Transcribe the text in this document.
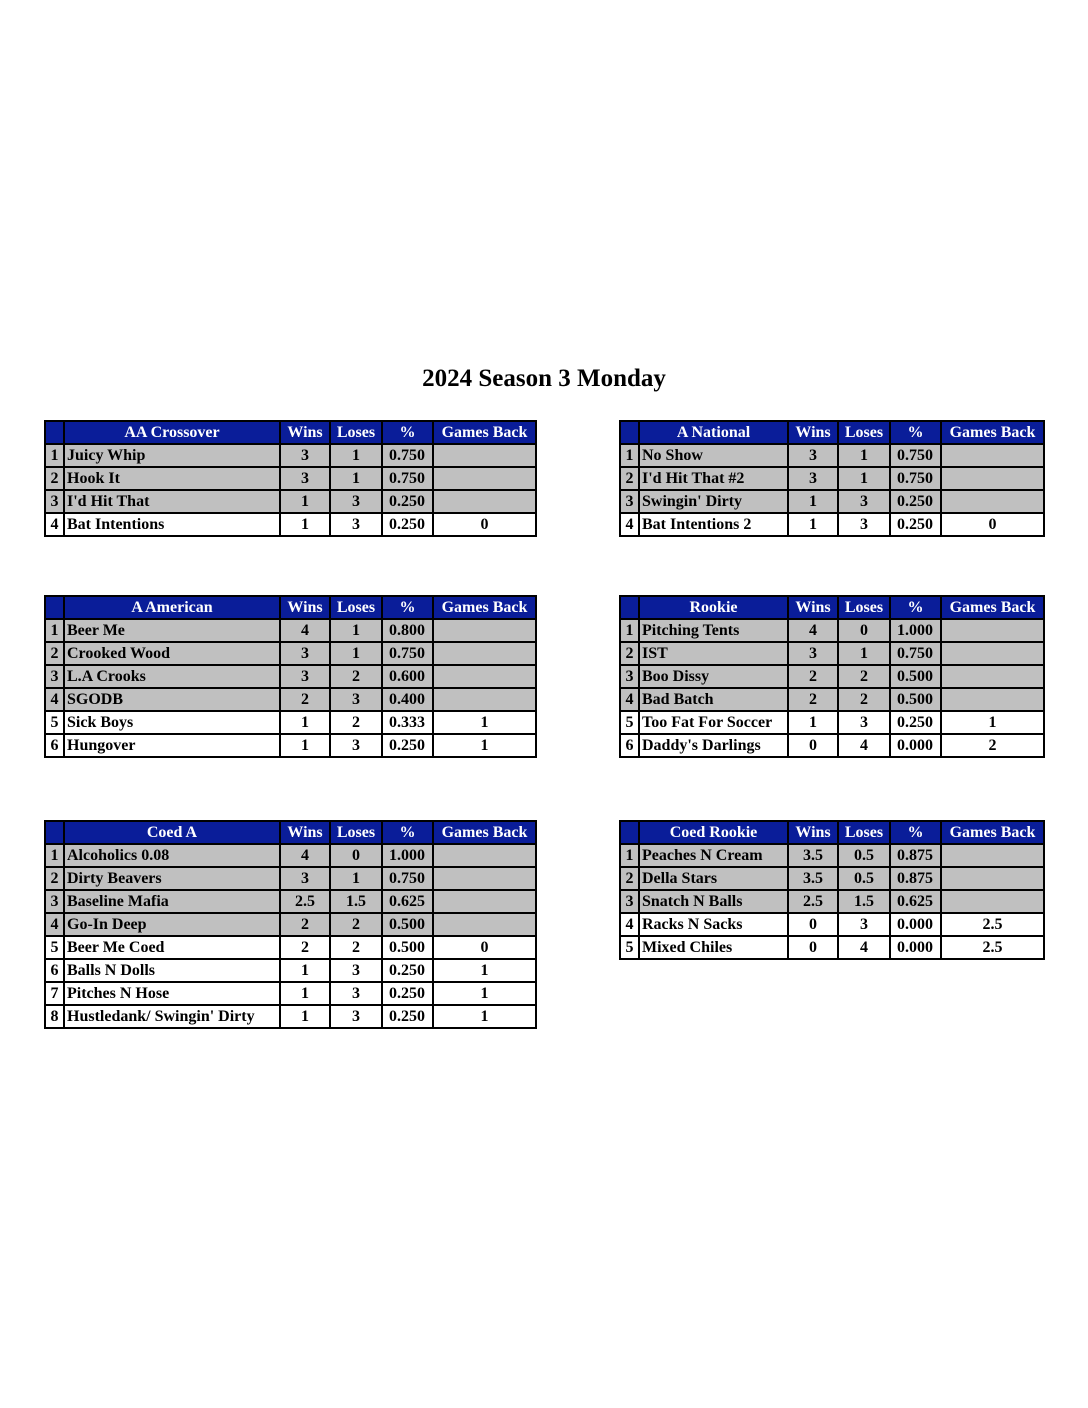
2024 Season 3 Monday
	AA Crossover	Wins	Loses	%	Games Back
1	Juicy Whip	3	1	0.750	
2	Hook It	3	1	0.750	
3	I'd Hit That	1	3	0.250	
4	Bat Intentions	1	3	0.250	0
	A National	Wins	Loses	%	Games Back
1	No Show	3	1	0.750	
2	I'd Hit That #2	3	1	0.750	
3	Swingin' Dirty	1	3	0.250	
4	Bat Intentions 2	1	3	0.250	0
	A American	Wins	Loses	%	Games Back
1	Beer Me	4	1	0.800	
2	Crooked Wood	3	1	0.750	
3	L.A Crooks	3	2	0.600	
4	SGODB	2	3	0.400	
5	Sick Boys	1	2	0.333	1
6	Hungover	1	3	0.250	1
	Rookie	Wins	Loses	%	Games Back
1	Pitching Tents	4	0	1.000	
2	IST	3	1	0.750	
3	Boo Dissy	2	2	0.500	
4	Bad Batch	2	2	0.500	
5	Too Fat For Soccer	1	3	0.250	1
6	Daddy's Darlings	0	4	0.000	2
	Coed A	Wins	Loses	%	Games Back
1	Alcoholics 0.08	4	0	1.000	
2	Dirty Beavers	3	1	0.750	
3	Baseline Mafia	2.5	1.5	0.625	
4	Go-In Deep	2	2	0.500	
5	Beer Me Coed	2	2	0.500	0
6	Balls N Dolls	1	3	0.250	1
7	Pitches N Hose	1	3	0.250	1
8	Hustledank/ Swingin' Dirty	1	3	0.250	1
	Coed Rookie	Wins	Loses	%	Games Back
1	Peaches N Cream	3.5	0.5	0.875	
2	Della Stars	3.5	0.5	0.875	
3	Snatch N Balls	2.5	1.5	0.625	
4	Racks N Sacks	0	3	0.000	2.5
5	Mixed Chiles	0	4	0.000	2.5
